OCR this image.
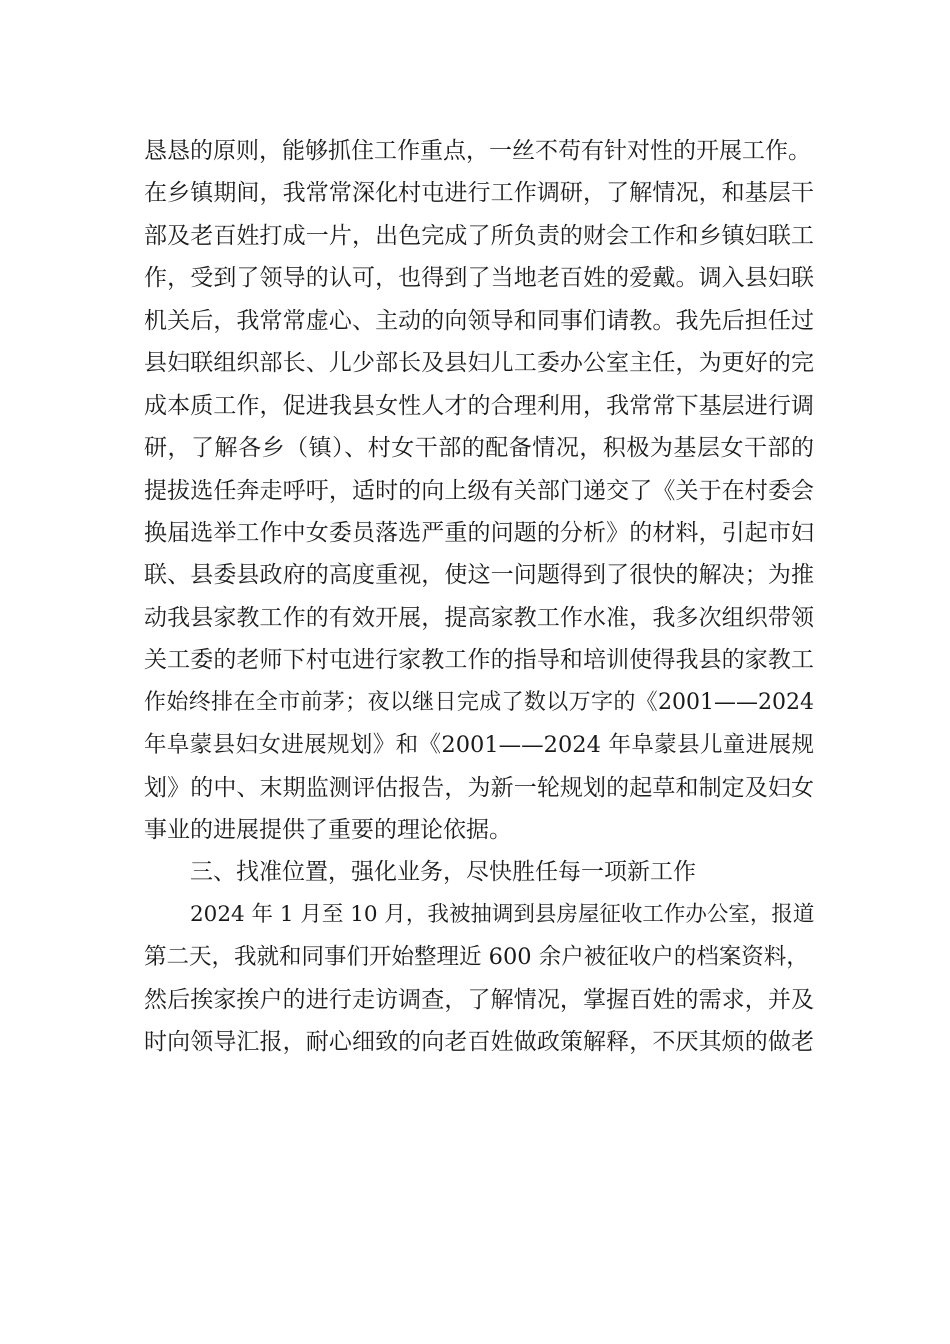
恳恳的原则，能够抓住工作重点，一丝不苟有针对性的开展工作。
在乡镇期间，我常常深化村屯进行工作调研，了解情况，和基层干
部及老百姓打成一片，出色完成了所负责的财会工作和乡镇妇联工
作，受到了领导的认可，也得到了当地老百姓的爱戴。调入县妇联
机关后，我常常虚心、主动的向领导和同事们请教。我先后担任过
县妇联组织部长、儿少部长及县妇儿工委办公室主任，为更好的完
成本质工作，促进我县女性人才的合理利用，我常常下基层进行调
研，了解各乡（镇）、村女干部的配备情况，积极为基层女干部的
提拔选任奔走呼吁，适时的向上级有关部门递交了《关于在村委会
换届选举工作中女委员落选严重的问题的分析》的材料，引起市妇
联、县委县政府的高度重视，使这一问题得到了很快的解决；为推
动我县家教工作的有效开展，提高家教工作水准，我多次组织带领
关工委的老师下村屯进行家教工作的指导和培训使得我县的家教工
作始终排在全市前茅；夜以继日完成了数以万字的《2001——2024
年阜蒙县妇女进展规划》和《2001——2024 年阜蒙县儿童进展规
划》的中、末期监测评估报告，为新一轮规划的起草和制定及妇女
事业的进展提供了重要的理论依据。
三、找准位置，强化业务，尽快胜任每一项新工作
2024 年 1 月至 10 月，我被抽调到县房屋征收工作办公室，报道
第二天，我就和同事们开始整理近 600 余户被征收户的档案资料，
然后挨家挨户的进行走访调查，了解情况，掌握百姓的需求，并及
时向领导汇报，耐心细致的向老百姓做政策解释，不厌其烦的做老
